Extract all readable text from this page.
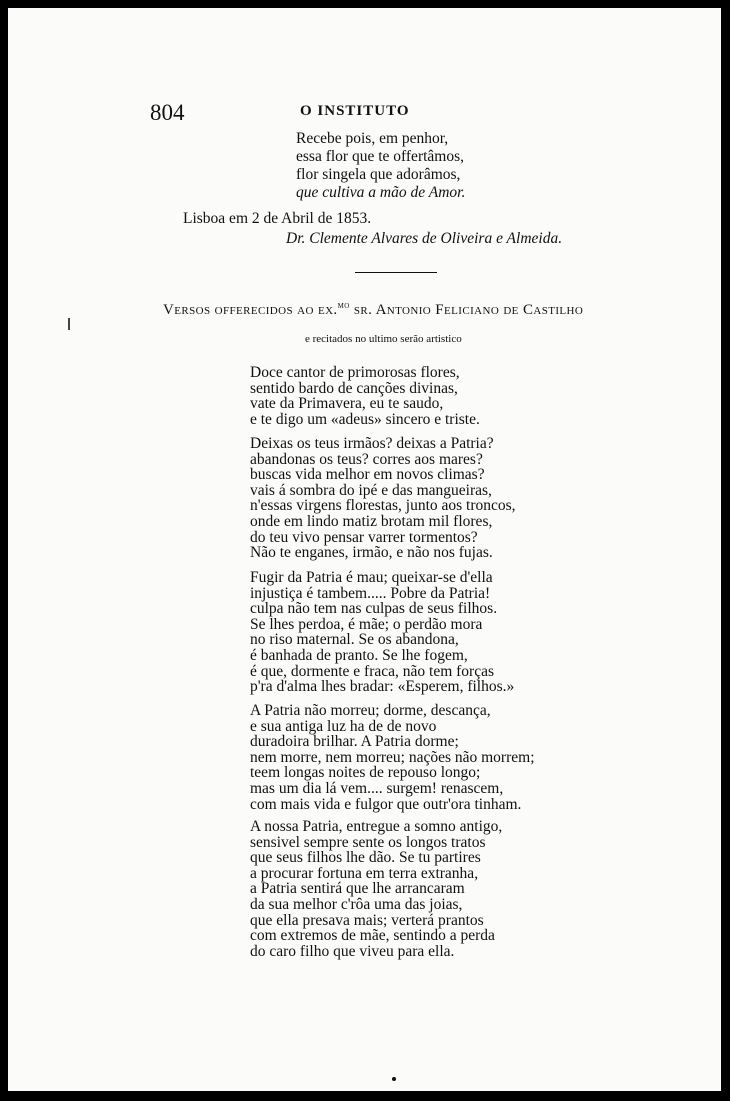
804	O INSTITUTO
Recebe pois, em penhor,
essa flor que te offertâmos,
flor singela que adorâmos,
que cultiva a mão de Amor.
Lisboa em 2 de Abril de 1853.
Dr. Clemente Alvares de Oliveira e Almeida.
Versos offerecidos ao ex.$^{mo}$ sr. Antonio Feliciano de Castilho
e recitados no ultimo serão artistico
Doce cantor de primorosas flores,
sentido bardo de canções divinas,
vate da Primavera, eu te saudo,
e te digo um «adeus» sincero e triste.
Deixas os teus irmãos? deixas a Patria?
abandonas os teus? corres aos mares?
buscas vida melhor em novos climas?
vais á sombra do ipé e das mangueiras,
n'essas virgens florestas, junto aos troncos,
onde em lindo matiz brotam mil flores,
do teu vivo pensar varrer tormentos?
Não te enganes, irmão, e não nos fujas.
Fugir da Patria é mau; queixar-se d'ella
injustiça é tambem..... Pobre da Patria!
culpa não tem nas culpas de seus filhos.
Se lhes perdoa, é mãe; o perdão mora
no riso maternal. Se os abandona,
é banhada de pranto. Se lhe fogem,
é que, dormente e fraca, não tem forças
p'ra d'alma lhes bradar: «Esperem, filhos.»
A Patria não morreu; dorme, descança,
e sua antiga luz ha de de novo
duradoira brilhar. A Patria dorme;
nem morre, nem morreu; nações não morrem;
teem longas noites de repouso longo;
mas um dia lá vem.... surgem! renascem,
com mais vida e fulgor que outr'ora tinham.
A nossa Patria, entregue a somno antigo,
sensivel sempre sente os longos tratos
que seus filhos lhe dão. Se tu partires
a procurar fortuna em terra extranha,
a Patria sentirá que lhe arrancaram
da sua melhor c'rôa uma das joias,
que ella presava mais; verterá prantos
com extremos de mãe, sentindo a perda
do caro filho que viveu para ella.
